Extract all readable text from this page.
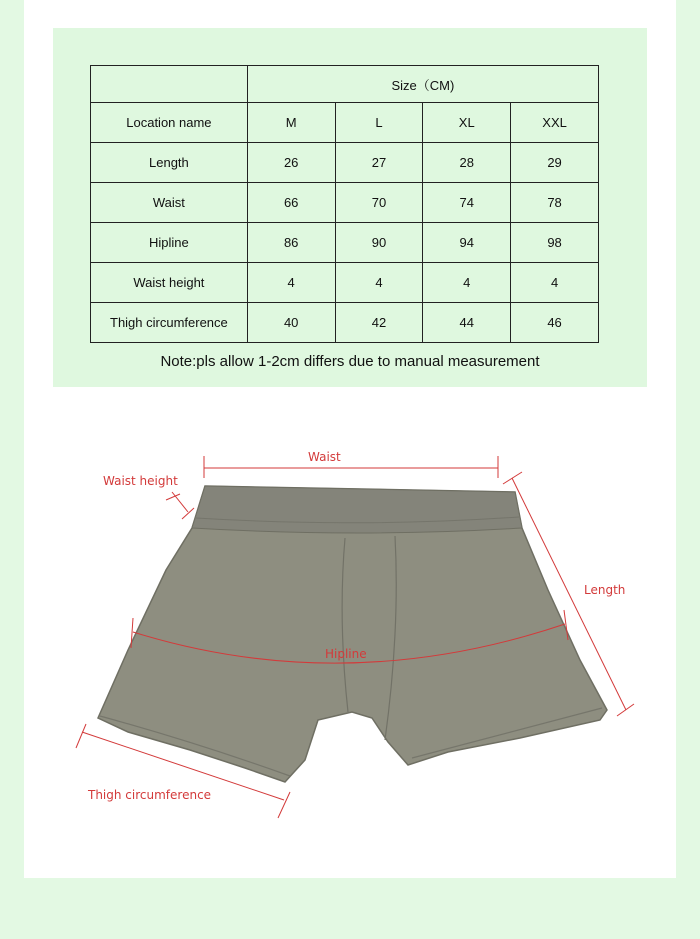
	Size（CM)			
Location name	M	L	XL	XXL
Length	26	27	28	29
Waist	66	70	74	78
Hipline	86	90	94	98
Waist height	4	4	4	4
Thigh circumference	40	42	44	46
Note:pls allow 1-2cm differs due to manual measurement
Waist
Waist height
Length
Hipline
Thigh circumference
